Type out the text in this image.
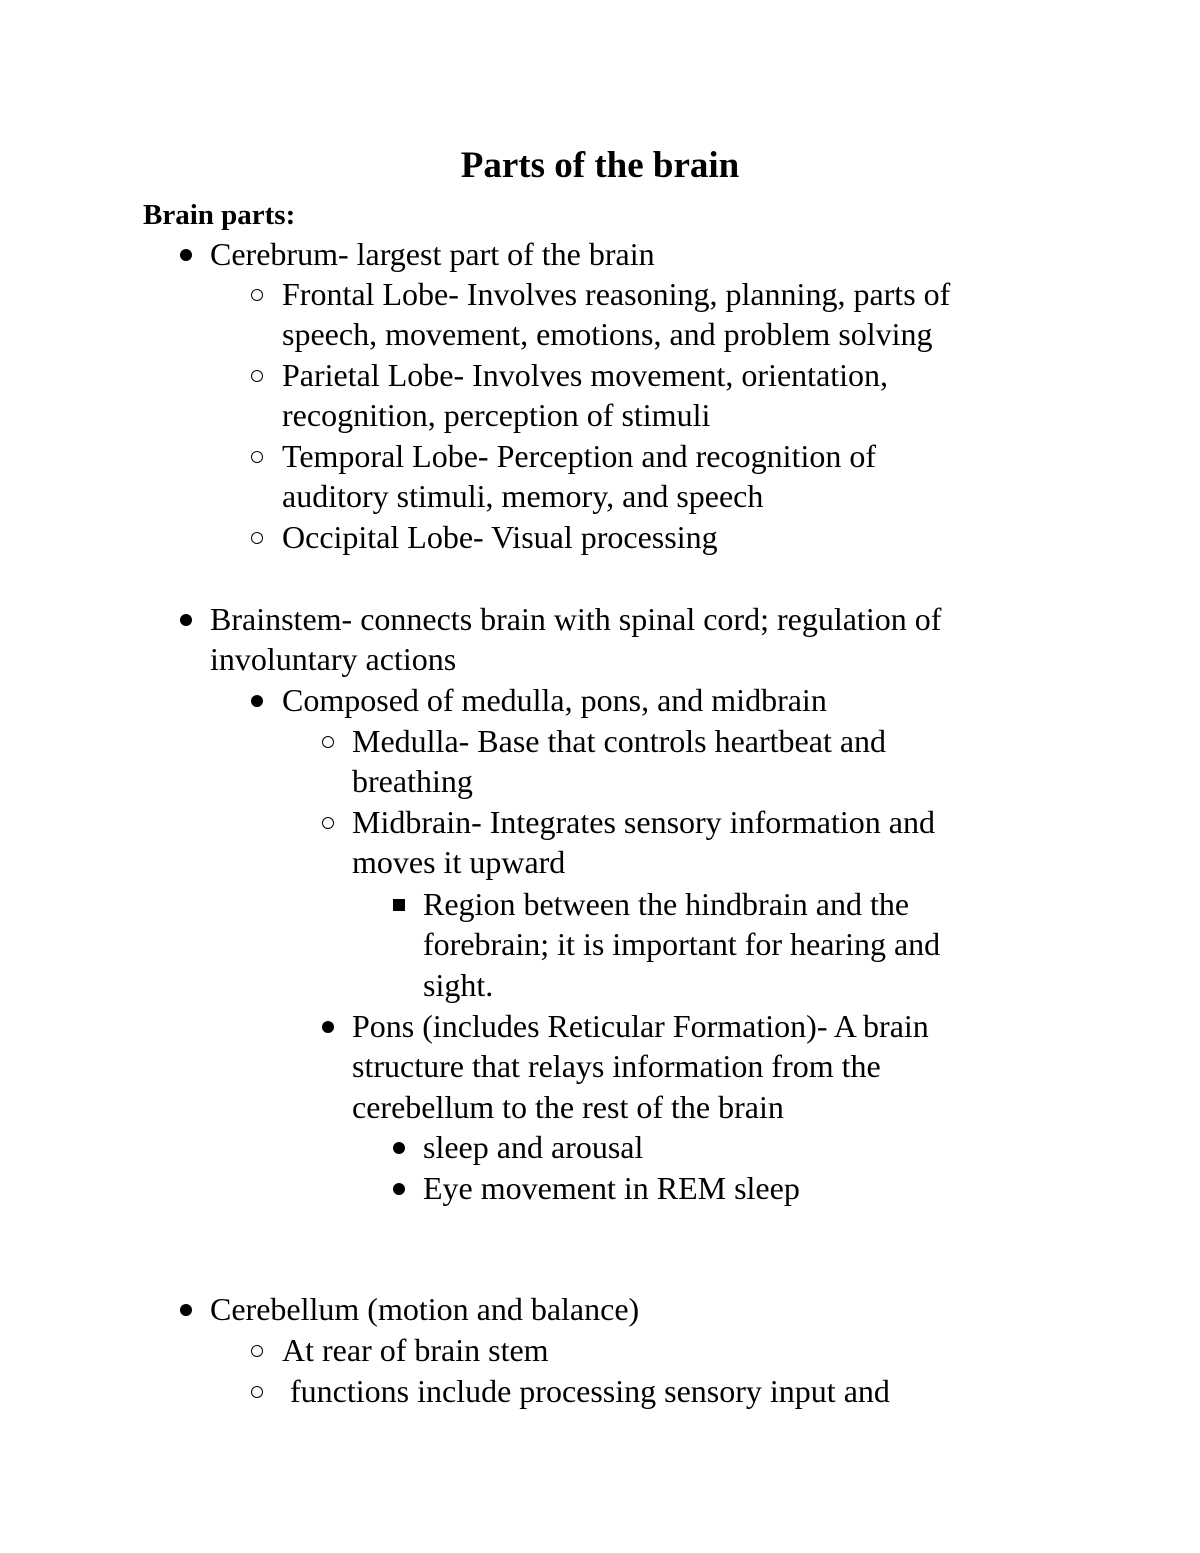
Parts of the brain
Brain parts:

Cerebrum- largest part of the brain

Frontal Lobe- Involves reasoning, planning, parts of

speech, movement, emotions, and problem solving

Parietal Lobe- Involves movement, orientation,

recognition, perception of stimuli

Temporal Lobe- Perception and recognition of

auditory stimuli, memory, and speech

Occipital Lobe- Visual processing

Brainstem- connects brain with spinal cord; regulation of

involuntary actions

Composed of medulla, pons, and midbrain

Medulla- Base that controls heartbeat and

breathing

Midbrain- Integrates sensory information and

moves it upward

Region between the hindbrain and the

forebrain; it is important for hearing and

sight.

Pons (includes Reticular Formation)- A brain

structure that relays information from the

cerebellum to the rest of the brain

sleep and arousal

Eye movement in REM sleep

Cerebellum (motion and balance)

At rear of brain stem

functions include processing sensory input and
